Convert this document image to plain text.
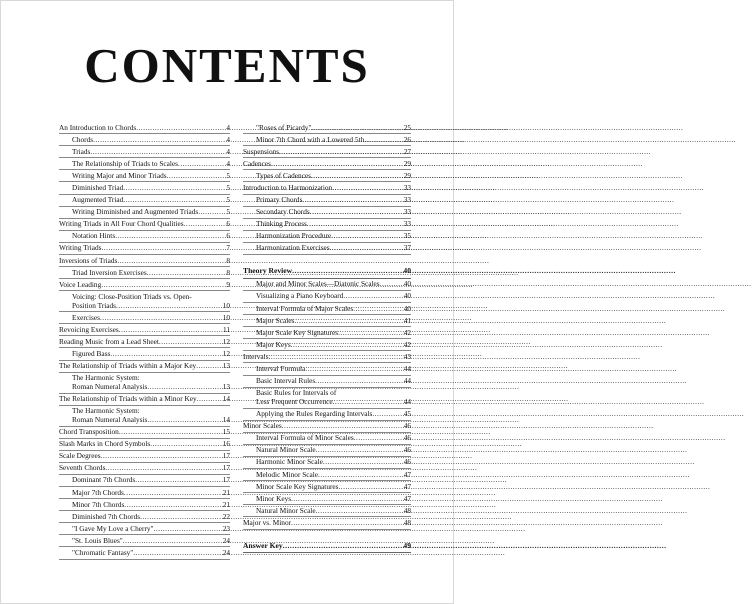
CONTENTS
An Introduction to Chords .....	4
Chords .....	4
Triads .....	4
The Relationship of Triads to Scales .....	4
Writing Major and Minor Triads .....	5
Diminished Triad .....	5
Augmented Triad .....	5
Writing Diminished and Augmented Triads .....	5
Writing Triads in All Four Chord Qualities .....	6
Notation Hints .....	6
Writing Triads .....	7
Inversions of Triads .....	8
Triad Inversion Exercises .....	8
Voice Leading .....	9
Voicing: Close-Position Triads vs. Open-
Position Triads .....	10
Exercises .....	10
Revoicing Exercises .....	11
Reading Music from a Lead Sheet .....	12
Figured Bass .....	12
The Relationship of Triads within a Major Key .....	13
The Harmonic System:
Roman Numeral Analysis .....	13
The Relationship of Triads within a Minor Key .....	14
The Harmonic System:
Roman Numeral Analysis .....	14
Chord Transposition .....	15
Slash Marks in Chord Symbols .....	16
Scale Degrees .....	17
Seventh Chords .....	17
Dominant 7th Chords .....	17
Major 7th Chords .....	21
Minor 7th Chords .....	21
Diminished 7th Chords .....	22
"I Gave My Love a Cherry" .....	23
"St. Louis Blues" .....	24
"Chromatic Fantasy" .....	24
"Roses of Picardy" .....	25
Minor 7th Chord with a Lowered 5th .....	26
Suspensions .....	27
Cadences .....	29
Types of Cadences .....	29
Introduction to Harmonization .....	33
Primary Chords .....	33
Secondary Chords .....	33
Thinking Process .....	33
Harmonization Procedure .....	35
Harmonization Exercises .....	37
Theory Review .....	40
Major and Minor Scales—Diatonic Scales .....	40
Visualizing a Piano Keyboard .....	40
Interval Formula of Major Scales .....	40
Major Scales .....	41
Major Scale Key Signatures .....	42
Major Keys .....	42
Intervals .....	43
Interval Formula .....	44
Basic Interval Rules .....	44
Basic Rules for Intervals of
Less Frequent Occurrence .....	44
Applying the Rules Regarding Intervals .....	45
Minor Scales .....	46
Interval Formula of Minor Scales .....	46
Natural Minor Scale .....	46
Harmonic Minor Scale .....	46
Melodic Minor Scale .....	47
Minor Scale Key Signatures .....	47
Minor Keys .....	47
Natural Minor Scale .....	48
Major vs. Minor .....	48
Answer Key .....	49
